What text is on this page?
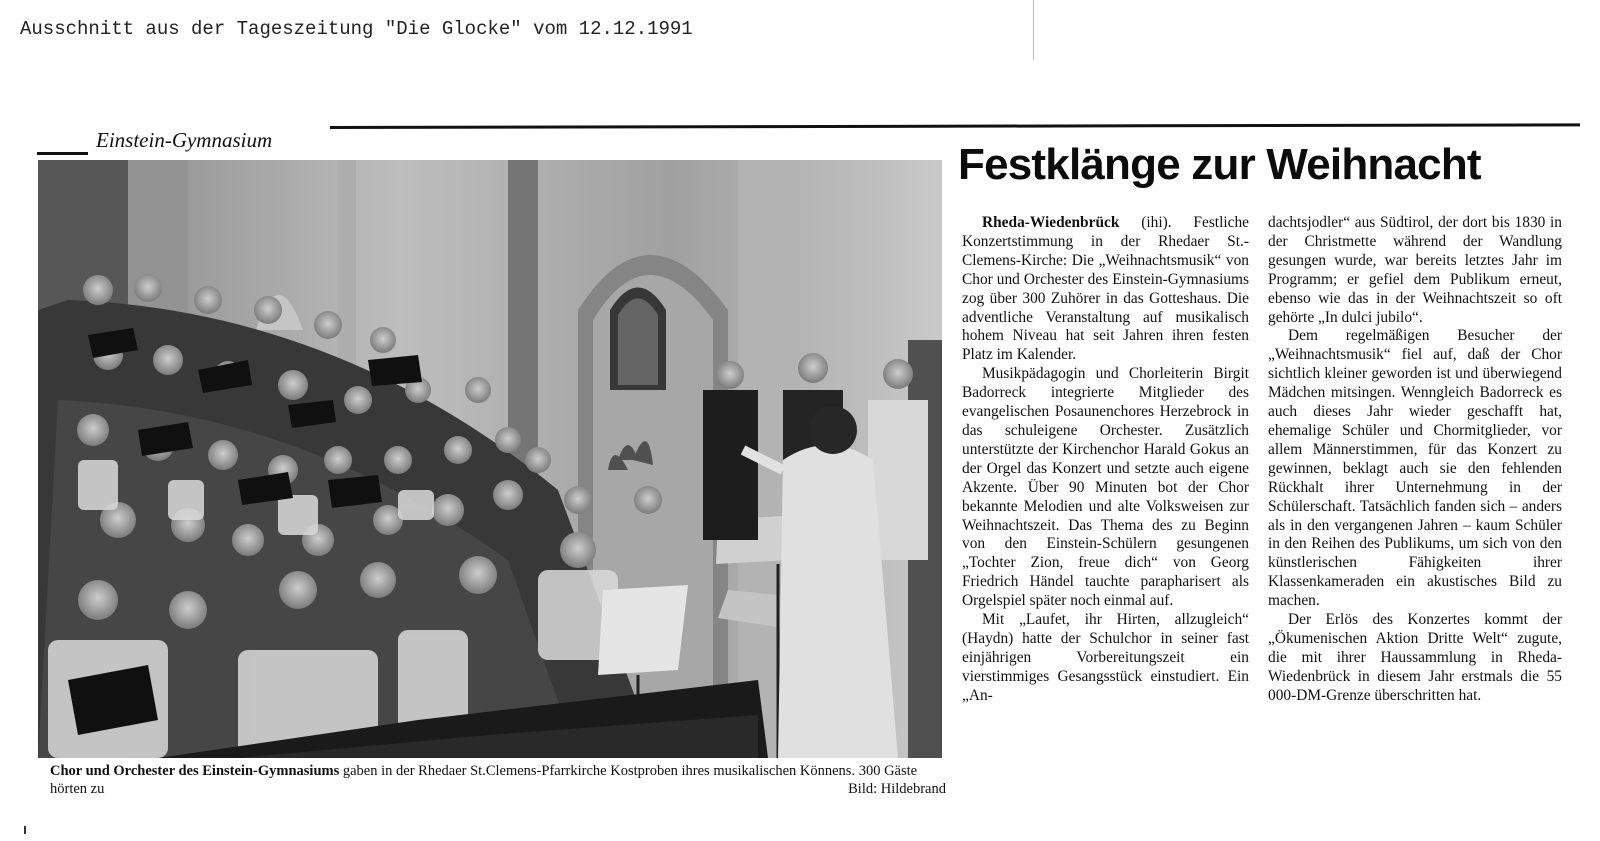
Ausschnitt aus der Tageszeitung "Die Glocke" vom 12.12.1991
Einstein-Gymnasium
Chor und Orchester des Einstein-Gymnasiums gaben in der Rhedaer St.Clemens-Pfarrkirche Kostproben ihres musikalischen Könnens. 300 Gäste hörten zu	Bild: Hildebrand
Festklänge zur Weihnacht

Rheda-Wiedenbrück (ihi). Festliche Konzertstimmung in der Rhedaer St.-Clemens-Kirche: Die „Weihnachtsmusik“ von Chor und Orchester des Einstein-Gymnasiums zog über 300 Zuhörer in das Gotteshaus. Die adventliche Veranstaltung auf musikalisch hohem Niveau hat seit Jahren ihren festen Platz im Kalender.

Musikpädagogin und Chorleiterin Birgit Badorreck integrierte Mitglieder des evangelischen Posaunenchores Herzebrock in das schuleigene Orchester. Zusätzlich unterstützte der Kirchenchor Harald Gokus an der Orgel das Konzert und setzte auch eigene Akzente. Über 90 Minuten bot der Chor bekannte Melodien und alte Volksweisen zur Weihnachtszeit. Das Thema des zu Beginn von den Einstein-Schülern gesungenen „Tochter Zion, freue dich“ von Georg Friedrich Händel tauchte parapharisert als Orgelspiel später noch einmal auf.

Mit „Laufet, ihr Hirten, allzugleich“ (Haydn) hatte der Schulchor in seiner fast einjährigen Vorbereitungszeit ein vierstimmiges Gesangsstück einstudiert. Ein „An-

dachtsjodler“ aus Südtirol, der dort bis 1830 in der Christmette während der Wandlung gesungen wurde, war bereits letztes Jahr im Programm; er gefiel dem Publikum erneut, ebenso wie das in der Weihnachtszeit so oft gehörte „In dulci jubilo“.

Dem regelmäßigen Besucher der „Weihnachtsmusik“ fiel auf, daß der Chor sichtlich kleiner geworden ist und überwiegend Mädchen mitsingen. Wenngleich Badorreck es auch dieses Jahr wieder geschafft hat, ehemalige Schüler und Chormitglieder, vor allem Männerstimmen, für das Konzert zu gewinnen, beklagt auch sie den fehlenden Rückhalt ihrer Unternehmung in der Schülerschaft. Tatsächlich fanden sich – anders als in den vergangenen Jahren – kaum Schüler in den Reihen des Publikums, um sich von den künstlerischen Fähigkeiten ihrer Klassenkameraden ein akustisches Bild zu machen.

Der Erlös des Konzertes kommt der „Ökumenischen Aktion Dritte Welt“ zugute, die mit ihrer Haussammlung in Rheda-Wiedenbrück in diesem Jahr erstmals die 55 000-DM-Grenze überschritten hat.
